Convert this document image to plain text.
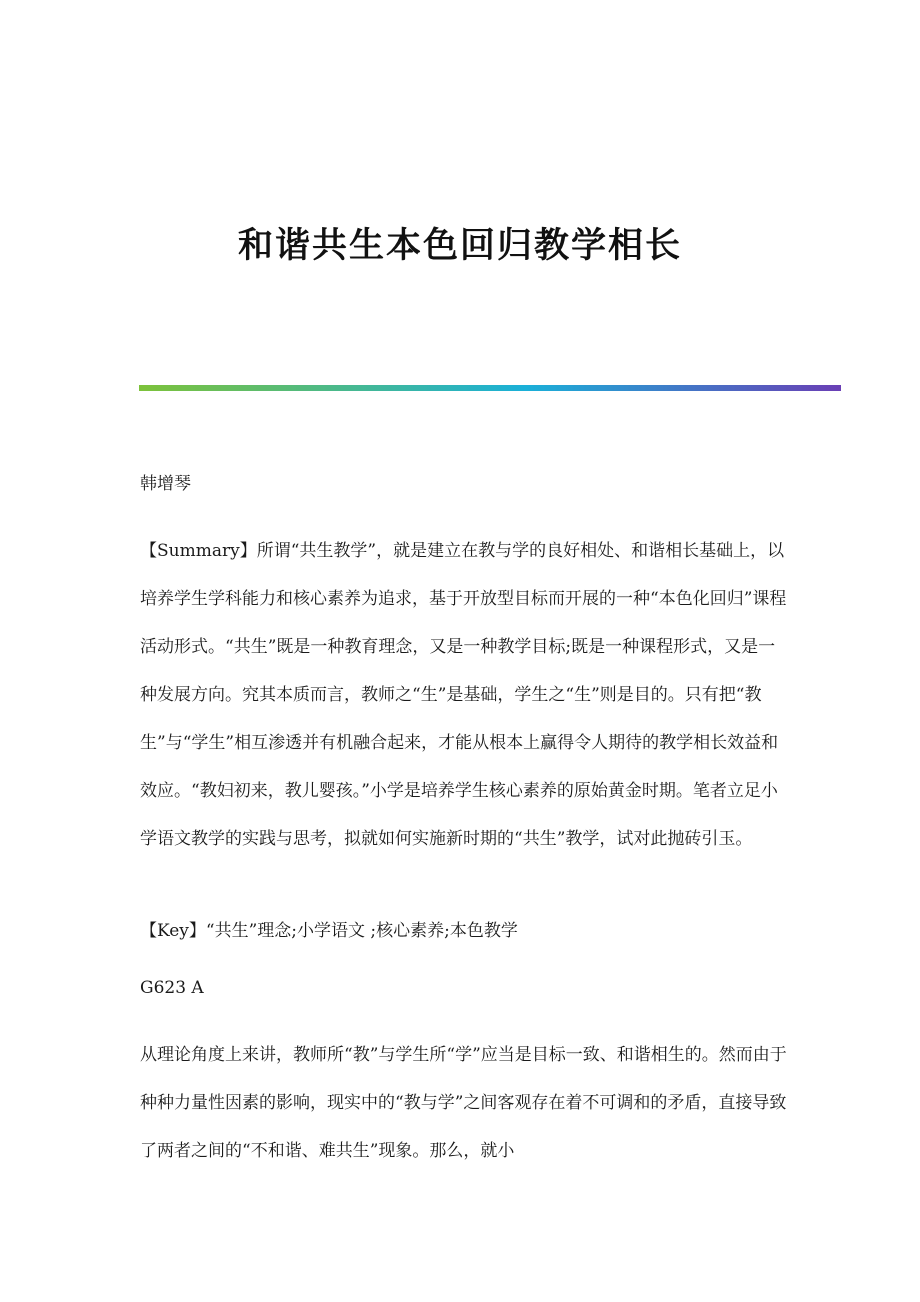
和谐共生本色回归教学相长

韩增琴

【Summary】所谓“共生教学”，就是建立在教与学的良好相处、和谐相长基础上，以培养学生学科能力和核心素养为追求，基于开放型目标而开展的一种“本色化回归”课程活动形式。“共生”既是一种教育理念，又是一种教学目标;既是一种课程形式，又是一种发展方向。究其本质而言，教师之“生”是基础，学生之“生”则是目的。只有把“教生”与“学生”相互渗透并有机融合起来，才能从根本上赢得令人期待的教学相长效益和效应。“教妇初来，教儿婴孩。”小学是培养学生核心素养的原始黄金时期。笔者立足小学语文教学的实践与思考，拟就如何实施新时期的“共生”教学，试对此抛砖引玉。

【Key】“共生”理念;小学语文 ;核心素养;本色教学

G623 A

从理论角度上来讲，教师所“教”与学生所“学”应当是目标一致、和谐相生的。然而由于种种力量性因素的影响，现实中的“教与学”之间客观存在着不可调和的矛盾，直接导致了两者之间的“不和谐、难共生”现象。那么，就小
